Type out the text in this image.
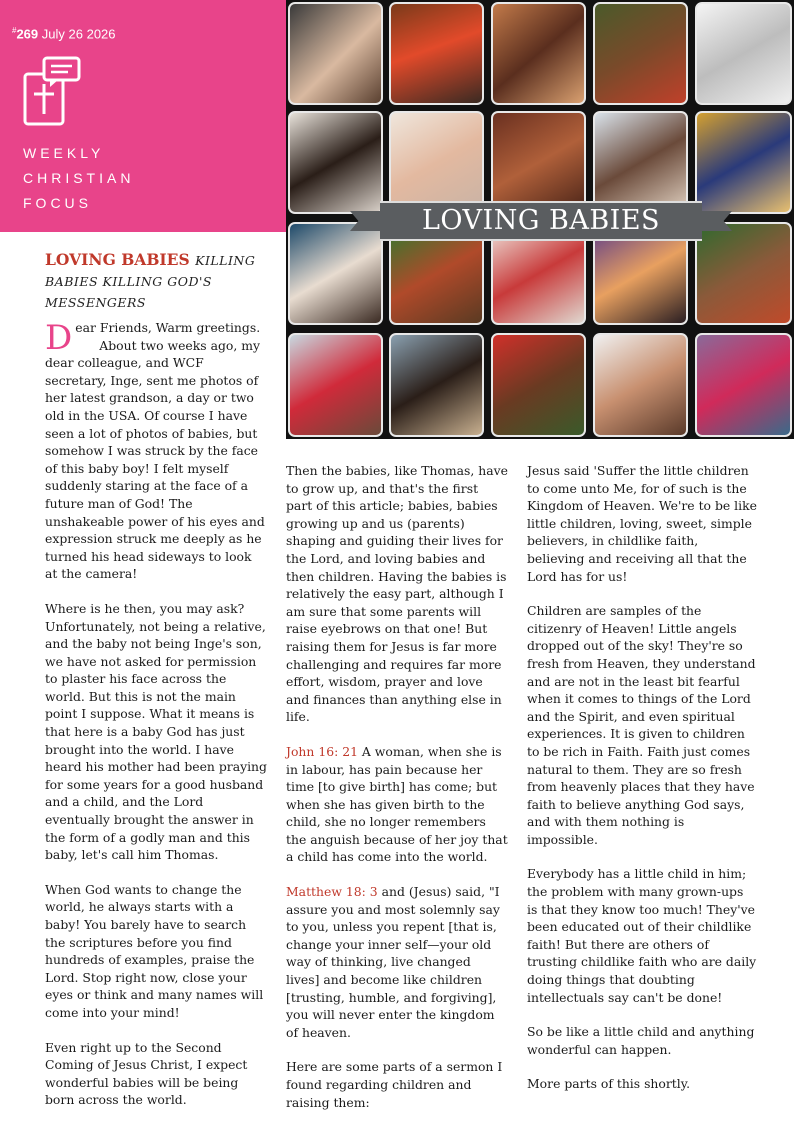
#269 July 26 2026
WEEKLY
CHRISTIAN
FOCUS
LOVING BABIES
LOVING BABIES KILLING BABIES KILLING GOD'S MESSENGERS

D ear Friends, Warm greetings.

About two weeks ago, my dear colleague, and WCF secretary, Inge, sent me photos of her latest grandson, a day or two old in the USA. Of course I have seen a lot of photos of babies, but somehow I was struck by the face of this baby boy! I felt myself suddenly staring at the face of a future man of God! The unshakeable power of his eyes and expression struck me deeply as he turned his head sideways to look at the camera!

Where is he then, you may ask? Unfortunately, not being a relative, and the baby not being Inge's son, we have not asked for permission to plaster his face across the world. But this is not the main point I suppose. What it means is that here is a baby God has just brought into the world. I have heard his mother had been praying for some years for a good husband and a child, and the Lord eventually brought the answer in the form of a godly man and this baby, let's call him Thomas.

When God wants to change the world, he always starts with a baby! You barely have to search the scriptures before you find hundreds of examples, praise the Lord. Stop right now, close your eyes or think and many names will come into your mind!

Even right up to the Second Coming of Jesus Christ, I expect wonderful babies will be being born across the world.

Then the babies, like Thomas, have to grow up, and that's the first part of this article; babies, babies growing up and us (parents) shaping and guiding their lives for the Lord, and loving babies and then children. Having the babies is relatively the easy part, although I am sure that some parents will raise eyebrows on that one! But raising them for Jesus is far more challenging and requires far more effort, wisdom, prayer and love and finances than anything else in life.

John 16: 21 A woman, when she is in labour, has pain because her time [to give birth] has come; but when she has given birth to the child, she no longer remembers the anguish because of her joy that a child has come into the world.

Matthew 18: 3 and (Jesus) said, "I assure you and most solemnly say to you, unless you repent [that is, change your inner self—your old way of thinking, live changed lives] and become like children [trusting, humble, and forgiving], you will never enter the kingdom of heaven.

Here are some parts of a sermon I found regarding children and raising them:

Jesus said 'Suffer the little children to come unto Me, for of such is the Kingdom of Heaven. We're to be like little children, loving, sweet, simple believers, in childlike faith, believing and receiving all that the Lord has for us!

Children are samples of the citizenry of Heaven! Little angels dropped out of the sky! They're so fresh from Heaven, they understand and are not in the least bit fearful when it comes to things of the Lord and the Spirit, and even spiritual experiences. It is given to children to be rich in Faith. Faith just comes natural to them. They are so fresh from heavenly places that they have faith to believe anything God says, and with them nothing is impossible.

Everybody has a little child in him; the problem with many grown-ups is that they know too much! They've been educated out of their childlike faith! But there are others of trusting childlike faith who are daily doing things that doubting intellectuals say can't be done!

So be like a little child and anything wonderful can happen.

More parts of this shortly.
